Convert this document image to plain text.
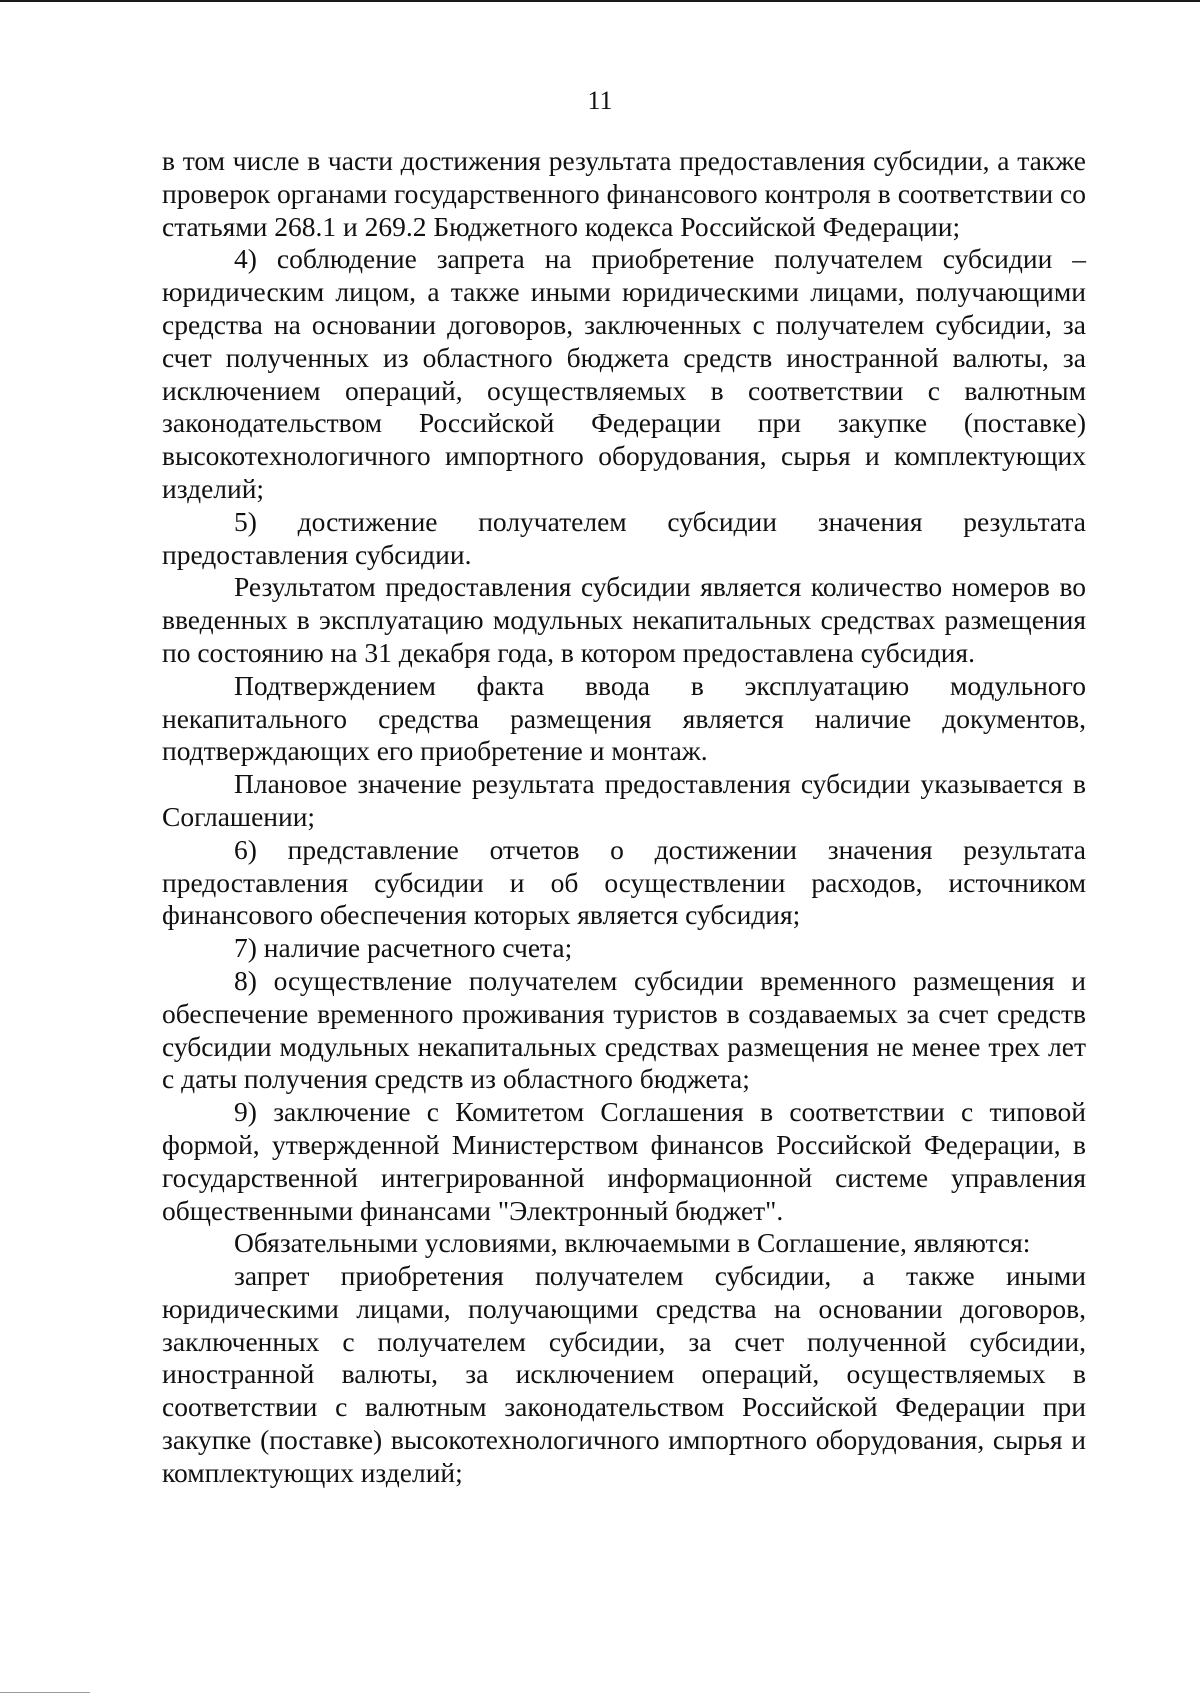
11

в том числе в части достижения результата предоставления субсидии, а также проверок органами государственного финансового контроля в соответствии со статьями 268.1 и 269.2 Бюджетного кодекса Российской Федерации;

4) соблюдение запрета на приобретение получателем субсидии – юридическим лицом, а также иными юридическими лицами, получающими средства на основании договоров, заключенных с получателем субсидии, за счет полученных из областного бюджета средств иностранной валюты, за исключением операций, осуществляемых в соответствии с валютным законодательством Российской Федерации при закупке (поставке) высокотехнологичного импортного оборудования, сырья и комплектующих изделий;

5) достижение получателем субсидии значения результата предоставления субсидии.

Результатом предоставления субсидии является количество номеров во введенных в эксплуатацию модульных некапитальных средствах размещения по состоянию на 31 декабря года, в котором предоставлена субсидия.

Подтверждением факта ввода в эксплуатацию модульного некапитального средства размещения является наличие документов, подтверждающих его приобретение и монтаж.

Плановое значение результата предоставления субсидии указывается в Соглашении;

6) представление отчетов о достижении значения результата предоставления субсидии и об осуществлении расходов, источником финансового обеспечения которых является субсидия;

7) наличие расчетного счета;

8) осуществление получателем субсидии временного размещения и обеспечение временного проживания туристов в создаваемых за счет средств субсидии модульных некапитальных средствах размещения не менее трех лет с даты получения средств из областного бюджета;

9) заключение с Комитетом Соглашения в соответствии с типовой формой, утвержденной Министерством финансов Российской Федерации, в государственной интегрированной информационной системе управления общественными финансами "Электронный бюджет".

Обязательными условиями, включаемыми в Соглашение, являются:

запрет приобретения получателем субсидии, а также иными юридическими лицами, получающими средства на основании договоров, заключенных с получателем субсидии, за счет полученной субсидии, иностранной валюты, за исключением операций, осуществляемых в соответствии с валютным законодательством Российской Федерации при закупке (поставке) высокотехнологичного импортного оборудования, сырья и комплектующих изделий;
